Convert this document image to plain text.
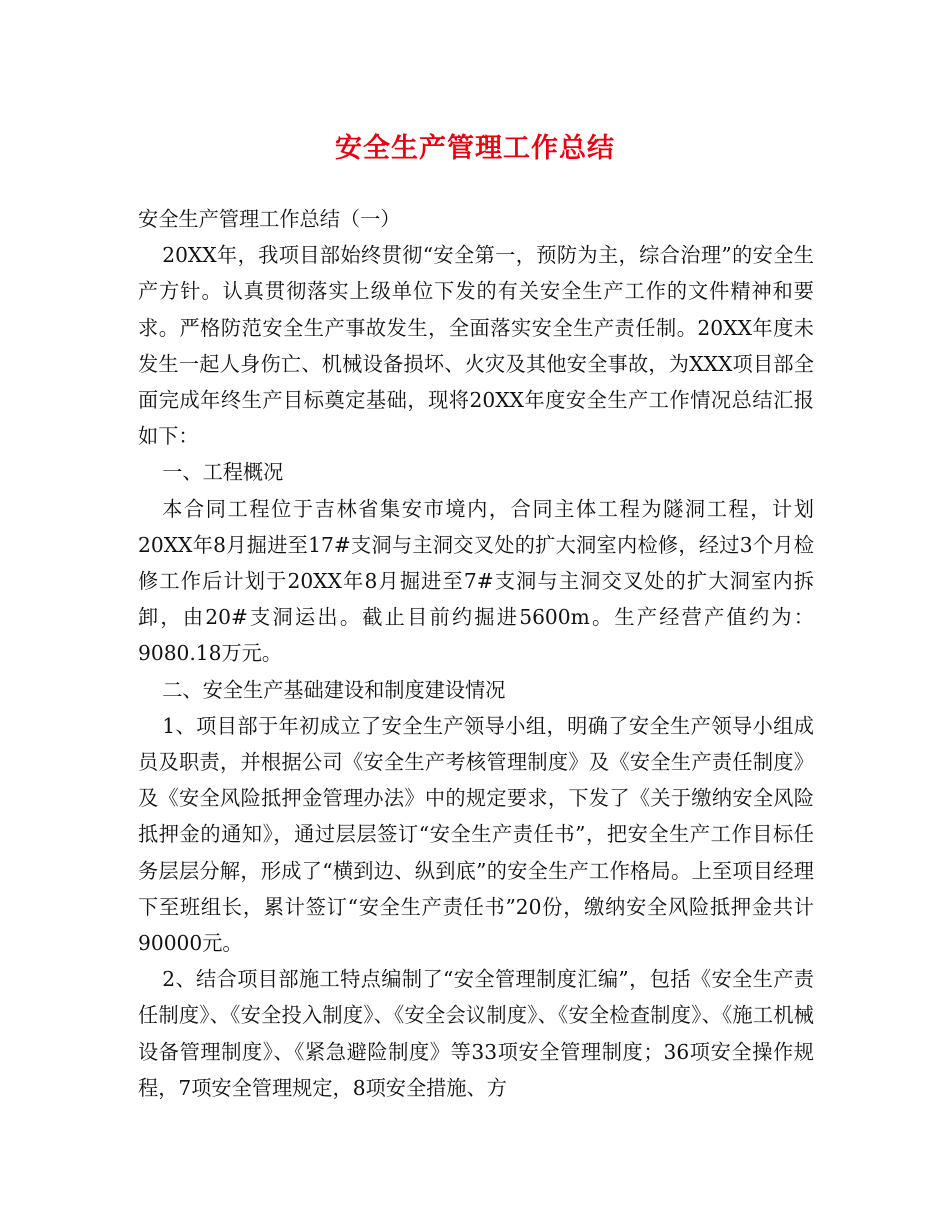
安全生产管理工作总结

安全生产管理工作总结（一）

20XX年，我项目部始终贯彻“安全第一，预防为主，综合治理”的安全生产方针。认真贯彻落实上级单位下发的有关安全生产工作的文件精神和要求。严格防范安全生产事故发生，全面落实安全生产责任制。20XX年度未发生一起人身伤亡、机械设备损坏、火灾及其他安全事故，为XXX项目部全面完成年终生产目标奠定基础，现将20XX年度安全生产工作情况总结汇报如下：

一、工程概况

本合同工程位于吉林省集安市境内，合同主体工程为隧洞工程，计划20XX年8月掘进至17#支洞与主洞交叉处的扩大洞室内检修，经过3个月检修工作后计划于20XX年8月掘进至7#支洞与主洞交叉处的扩大洞室内拆卸，由20#支洞运出。截止目前约掘进5600m。生产经营产值约为：9080.18万元。

二、安全生产基础建设和制度建设情况

1、项目部于年初成立了安全生产领导小组，明确了安全生产领导小组成员及职责，并根据公司《安全生产考核管理制度》及《安全生产责任制度》及《安全风险抵押金管理办法》中的规定要求，下发了《关于缴纳安全风险抵押金的通知》，通过层层签订“安全生产责任书”，把安全生产工作目标任务层层分解，形成了“横到边、纵到底”的安全生产工作格局。上至项目经理下至班组长，累计签订“安全生产责任书”20份，缴纳安全风险抵押金共计90000元。

2、结合项目部施工特点编制了“安全管理制度汇编”，包括《安全生产责任制度》、《安全投入制度》、《安全会议制度》、《安全检查制度》、《施工机械设备管理制度》、《紧急避险制度》等33项安全管理制度；36项安全操作规程，7项安全管理规定，8项安全措施、方
